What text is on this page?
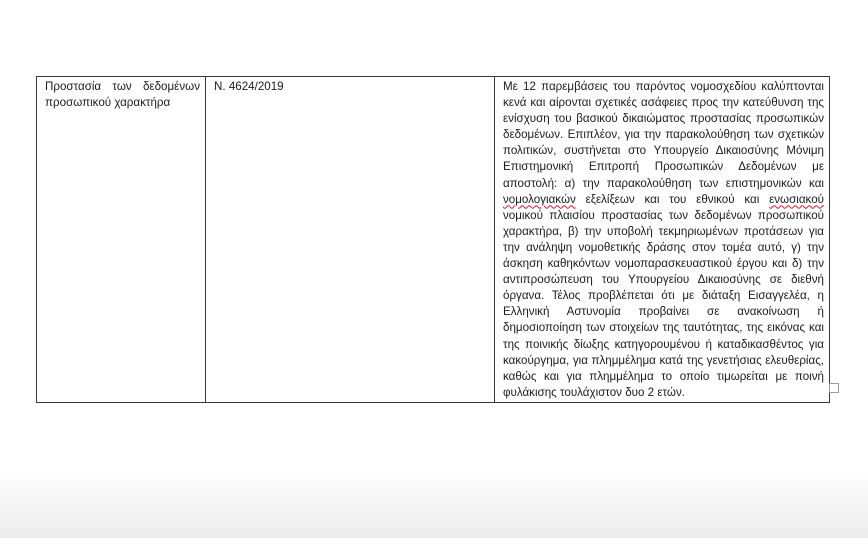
Προστασία των δεδομένων προσωπικού χαρακτήρα	Ν. 4624/2019	Με 12 παρεμβάσεις του παρόντος νομοσχεδίου καλύπτονται κενά και αίρονται σχετικές ασάφειες προς την κατεύθυνση της ενίσχυση του βασικού δικαιώματος προστασίας προσωπικών δεδομένων. Επιπλέον, για την παρακολούθηση των σχετικών πολιτικών, συστήνεται στο Υπουργείο Δικαιοσύνης Μόνιμη Επιστημονική Επιτροπή Προσωπικών Δεδομένων με αποστολή: α) την παρακολούθηση των επιστημονικών και νομολογιακών εξελίξεων και του εθνικού και ενωσιακού νομικού πλαισίου προστασίας των δεδομένων προσωπικού χαρακτήρα, β) την υποβολή τεκμηριωμένων προτάσεων για την ανάληψη νομοθετικής δράσης στον τομέα αυτό, γ) την άσκηση καθηκόντων νομοπαρασκευαστικού έργου και δ) την αντιπροσώπευση του Υπουργείου Δικαιοσύνης σε διεθνή όργανα. Τέλος προβλέπεται ότι με διάταξη Εισαγγελέα, η Ελληνική Αστυνομία προβαίνει σε ανακοίνωση ή δημοσιοποίηση των στοιχείων της ταυτότητας, της εικόνας και της ποινικής δίωξης κατηγορουμένου ή καταδικασθέντος για κακούργημα, για πλημμέλημα κατά της γενετήσιας ελευθερίας, καθώς και για πλημμέλημα το οποίο τιμωρείται με ποινή φυλάκισης τουλάχιστον δυο 2 ετών.
